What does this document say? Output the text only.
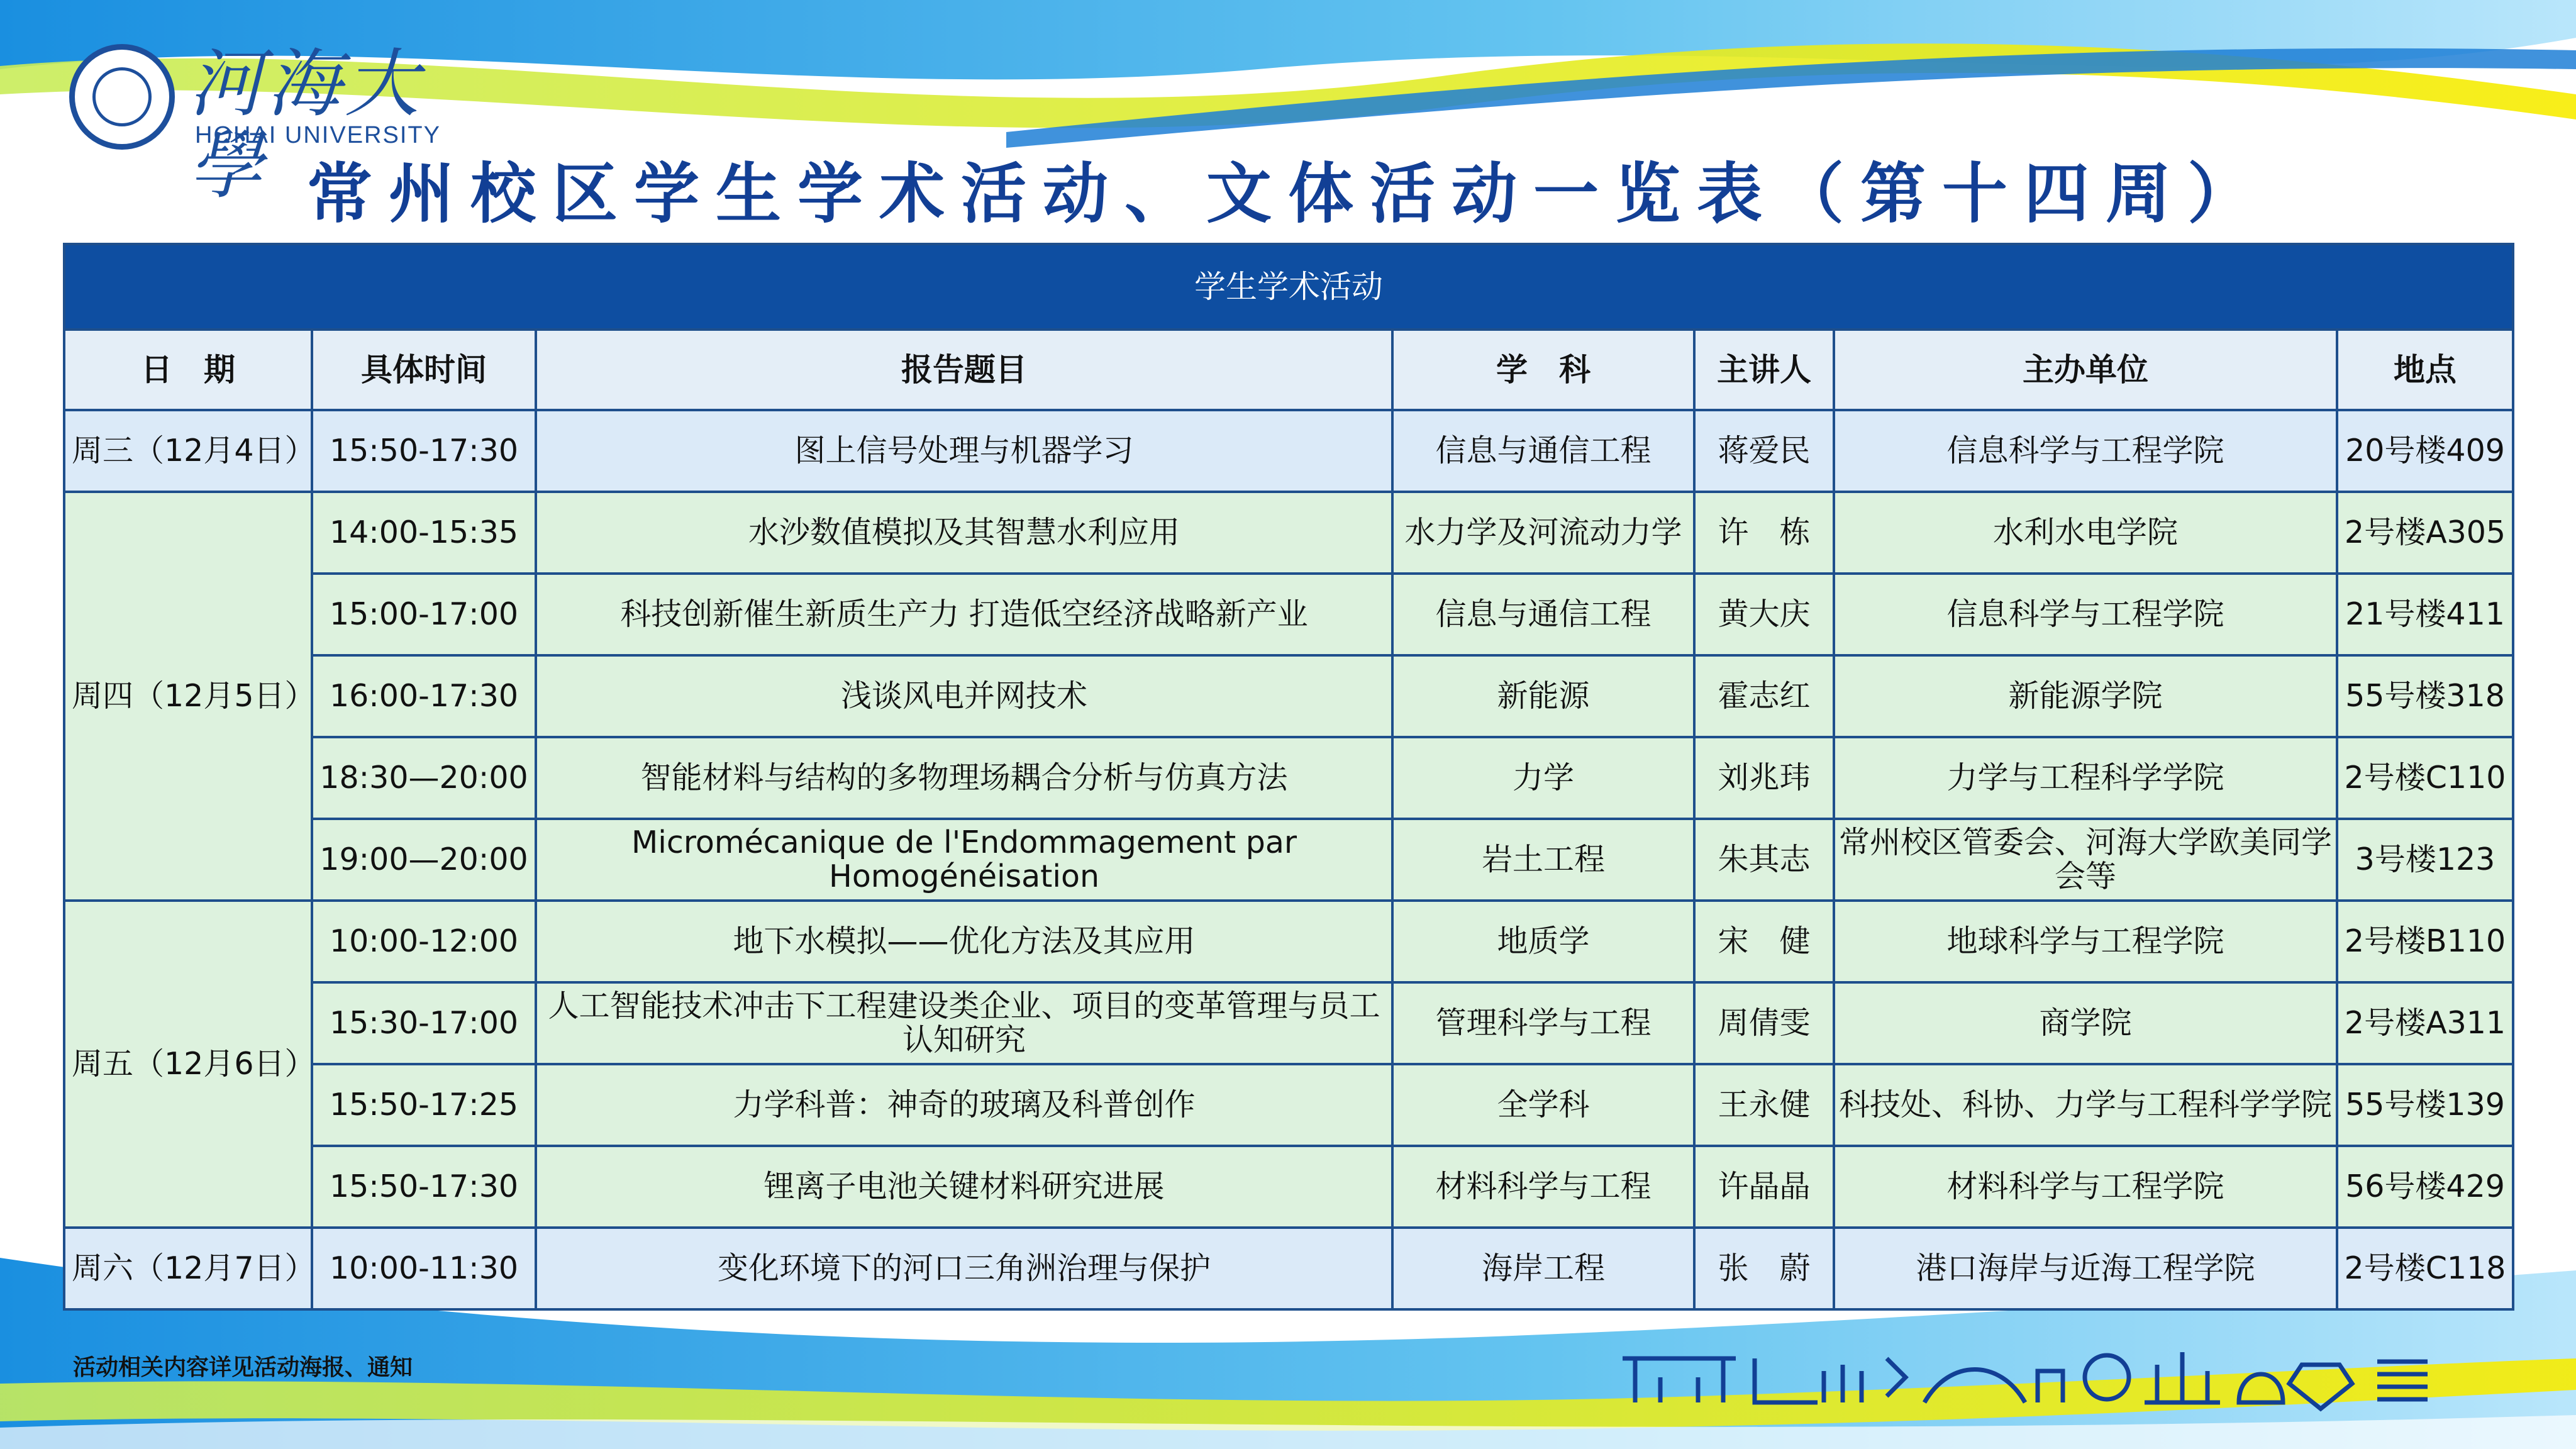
河海大學
HOHAI UNIVERSITY
常州校区学生学术活动、文体活动一览表（第十四周）
学生学术活动						
日　期	具体时间	报告题目	学　科	主讲人	主办单位	地点
周三（12月4日）	15:50-17:30	图上信号处理与机器学习	信息与通信工程	蒋爱民	信息科学与工程学院	20号楼409
周四（12月5日）	14:00-15:35	水沙数值模拟及其智慧水利应用	水力学及河流动力学	许　栋	水利水电学院	2号楼A305
	15:00-17:00	科技创新催生新质生产力 打造低空经济战略新产业	信息与通信工程	黄大庆	信息科学与工程学院	21号楼411
	16:00-17:30	浅谈风电并网技术	新能源	霍志红	新能源学院	55号楼318
	18:30—20:00	智能材料与结构的多物理场耦合分析与仿真方法	力学	刘兆玮	力学与工程科学学院	2号楼C110
	19:00—20:00	Microméсanique de l'Endommagement par Homogénéisation	岩土工程	朱其志	常州校区管委会、河海大学欧美同学会等	3号楼123
周五（12月6日）	10:00-12:00	地下水模拟——优化方法及其应用	地质学	宋　健	地球科学与工程学院	2号楼B110
	15:30-17:00	人工智能技术冲击下工程建设类企业、项目的变革管理与员工认知研究	管理科学与工程	周倩雯	商学院	2号楼A311
	15:50-17:25	力学科普：神奇的玻璃及科普创作	全学科	王永健	科技处、科协、力学与工程科学学院	55号楼139
	15:50-17:30	锂离子电池关键材料研究进展	材料科学与工程	许晶晶	材料科学与工程学院	56号楼429
周六（12月7日）	10:00-11:30	变化环境下的河口三角洲治理与保护	海岸工程	张　蔚	港口海岸与近海工程学院	2号楼C118
活动相关内容详见活动海报、通知
